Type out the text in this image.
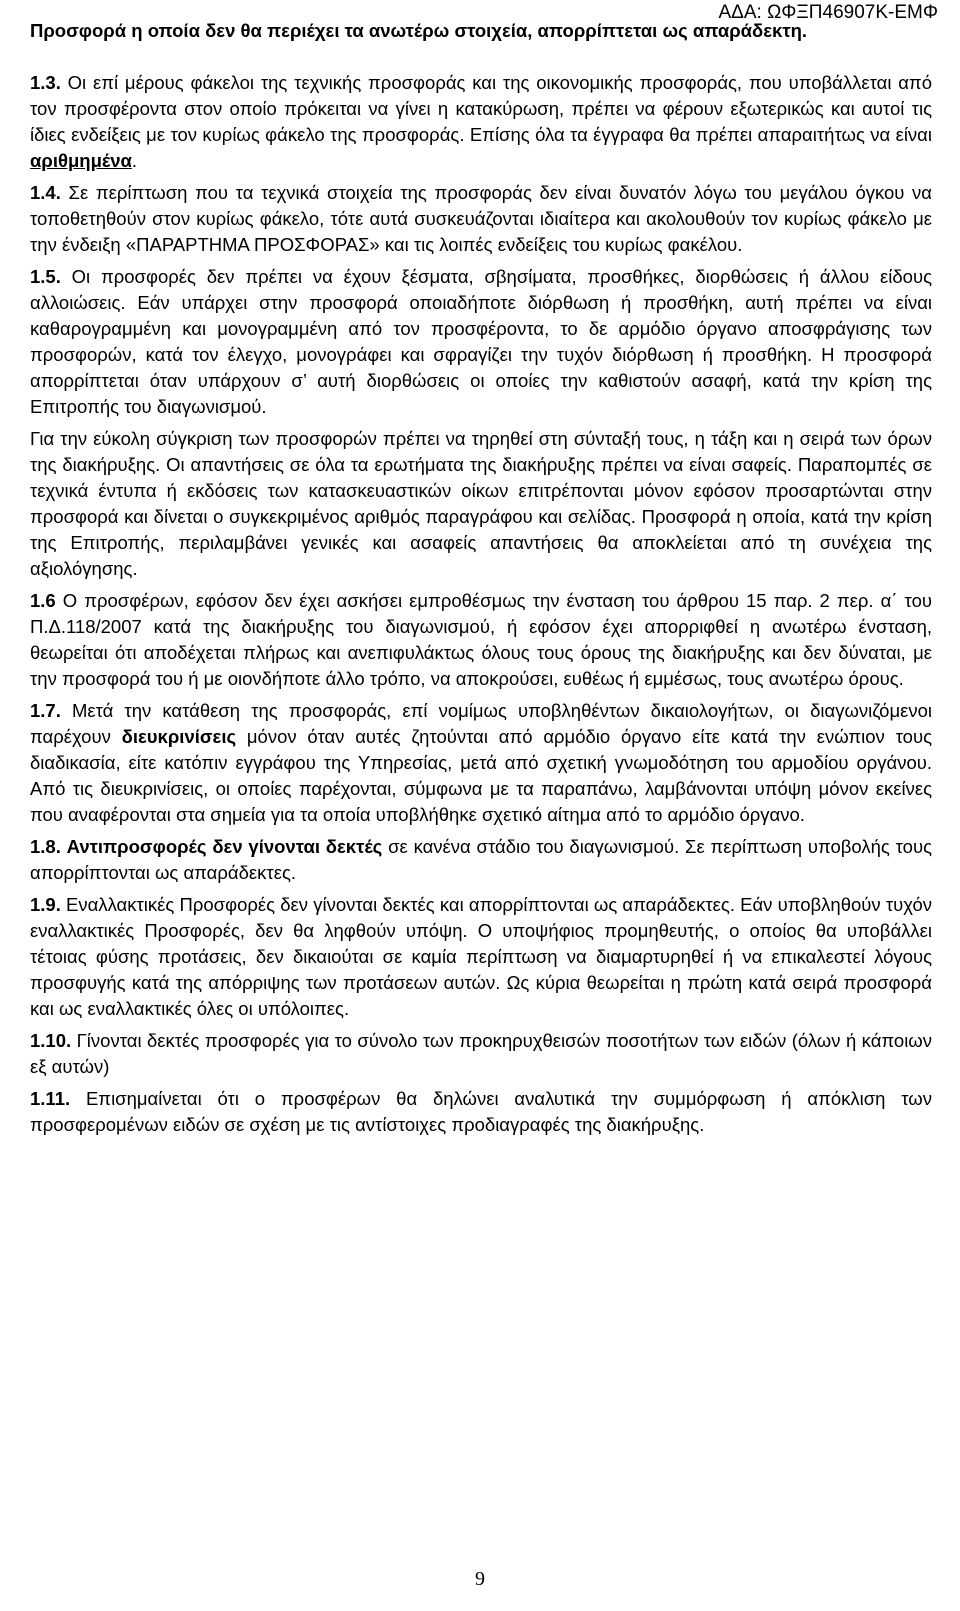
ΑΔΑ: ΩΦΞΠ46907Κ-ΕΜΦ

Προσφορά η οποία δεν θα περιέχει τα ανωτέρω στοιχεία, απορρίπτεται ως απαράδεκτη.

1.3. Οι επί μέρους φάκελοι της τεχνικής προσφοράς και της οικονομικής προσφοράς, που υποβάλλεται από τον προσφέροντα στον οποίο πρόκειται να γίνει η κατακύρωση, πρέπει να φέρουν εξωτερικώς και αυτοί τις ίδιες ενδείξεις με τον κυρίως φάκελο της προσφοράς. Επίσης όλα τα έγγραφα θα πρέπει απαραιτήτως να είναι αριθμημένα.

1.4. Σε περίπτωση που τα τεχνικά στοιχεία της προσφοράς δεν είναι δυνατόν λόγω του μεγάλου όγκου να τοποθετηθούν στον κυρίως φάκελο, τότε αυτά συσκευάζονται ιδιαίτερα και ακολουθούν τον κυρίως φάκελο με την ένδειξη «ΠΑΡΑΡΤΗΜΑ ΠΡΟΣΦΟΡΑΣ» και τις λοιπές ενδείξεις του κυρίως φακέλου.

1.5. Οι προσφορές δεν πρέπει να έχουν ξέσματα, σβησίματα, προσθήκες, διορθώσεις ή άλλου είδους αλλοιώσεις. Εάν υπάρχει στην προσφορά οποιαδήποτε διόρθωση ή προσθήκη, αυτή πρέπει να είναι καθαρογραμμένη και μονογραμμένη από τον προσφέροντα, το δε αρμόδιο όργανο αποσφράγισης των προσφορών, κατά τον έλεγχο, μονογράφει και σφραγίζει την τυχόν διόρθωση ή προσθήκη. Η προσφορά απορρίπτεται όταν υπάρχουν σ’ αυτή διορθώσεις οι οποίες την καθιστούν ασαφή, κατά την κρίση της Επιτροπής του διαγωνισμού.

Για την εύκολη σύγκριση των προσφορών πρέπει να τηρηθεί στη σύνταξή τους, η τάξη και η σειρά των όρων της διακήρυξης. Οι απαντήσεις σε όλα τα ερωτήματα της διακήρυξης πρέπει να είναι σαφείς. Παραπομπές σε τεχνικά έντυπα ή εκδόσεις των κατασκευαστικών οίκων επιτρέπονται μόνον εφόσον προσαρτώνται στην προσφορά και δίνεται ο συγκεκριμένος αριθμός παραγράφου και σελίδας. Προσφορά η οποία, κατά την κρίση της Επιτροπής, περιλαμβάνει γενικές και ασαφείς απαντήσεις θα αποκλείεται από τη συνέχεια της αξιολόγησης.

1.6 Ο προσφέρων, εφόσον δεν έχει ασκήσει εμπροθέσμως την ένσταση του άρθρου 15 παρ. 2 περ. α΄ του Π.Δ.118/2007 κατά της διακήρυξης του διαγωνισμού, ή εφόσον έχει απορριφθεί η ανωτέρω ένσταση, θεωρείται ότι αποδέχεται πλήρως και ανεπιφυλάκτως όλους τους όρους της διακήρυξης και δεν δύναται, με την προσφορά του ή με οιονδήποτε άλλο τρόπο, να αποκρούσει, ευθέως ή εμμέσως, τους ανωτέρω όρους.

1.7. Μετά την κατάθεση της προσφοράς, επί νομίμως υποβληθέντων δικαιολογήτων, οι διαγωνιζόμενοι παρέχουν διευκρινίσεις μόνον όταν αυτές ζητούνται από αρμόδιο όργανο είτε κατά την ενώπιον τους διαδικασία, είτε κατόπιν εγγράφου της Υπηρεσίας, μετά από σχετική γνωμοδότηση του αρμοδίου οργάνου. Από τις διευκρινίσεις, οι οποίες παρέχονται, σύμφωνα με τα παραπάνω, λαμβάνονται υπόψη μόνον εκείνες που αναφέρονται στα σημεία για τα οποία υποβλήθηκε σχετικό αίτημα από το αρμόδιο όργανο.

1.8. Αντιπροσφορές δεν γίνονται δεκτές σε κανένα στάδιο του διαγωνισμού. Σε περίπτωση υποβολής τους απορρίπτονται ως απαράδεκτες.

1.9. Εναλλακτικές Προσφορές δεν γίνονται δεκτές και απορρίπτονται ως απαράδεκτες. Εάν υποβληθούν τυχόν εναλλακτικές Προσφορές, δεν θα ληφθούν υπόψη. Ο υποψήφιος προμηθευτής, ο οποίος θα υποβάλλει τέτοιας φύσης προτάσεις, δεν δικαιούται σε καμία περίπτωση να διαμαρτυρηθεί ή να επικαλεστεί λόγους προσφυγής κατά της απόρριψης των προτάσεων αυτών. Ως κύρια θεωρείται η πρώτη κατά σειρά προσφορά και ως εναλλακτικές όλες οι υπόλοιπες.

1.10. Γίνονται δεκτές προσφορές για το σύνολο των προκηρυχθεισών ποσοτήτων των ειδών (όλων ή κάποιων εξ αυτών)

1.11. Επισημαίνεται ότι ο προσφέρων θα δηλώνει αναλυτικά την συμμόρφωση ή απόκλιση των προσφερομένων ειδών σε σχέση με τις αντίστοιχες προδιαγραφές της διακήρυξης.

9
